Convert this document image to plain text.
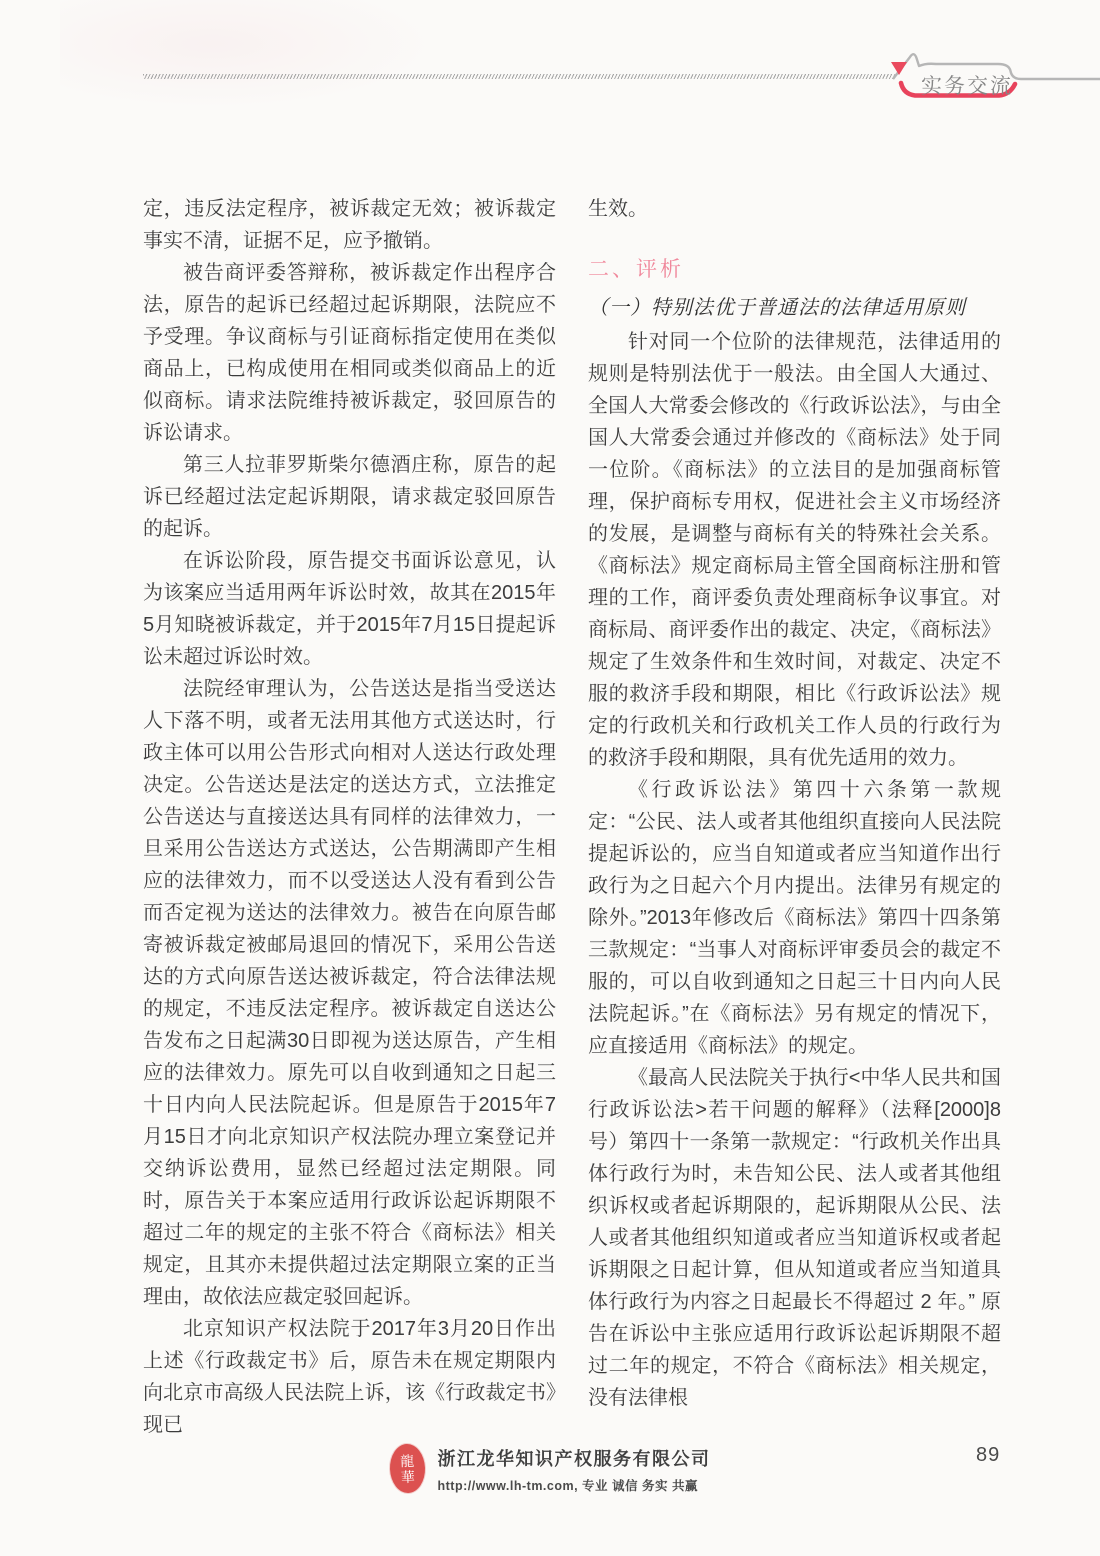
实务交流

定，违反法定程序，被诉裁定无效；被诉裁定事实不清，证据不足，应予撤销。

被告商评委答辩称，被诉裁定作出程序合法，原告的起诉已经超过起诉期限，法院应不予受理。争议商标与引证商标指定使用在类似商品上，已构成使用在相同或类似商品上的近似商标。请求法院维持被诉裁定，驳回原告的诉讼请求。

第三人拉菲罗斯柴尔德酒庄称，原告的起诉已经超过法定起诉期限，请求裁定驳回原告的起诉。

在诉讼阶段，原告提交书面诉讼意见，认为该案应当适用两年诉讼时效，故其在2015年5月知晓被诉裁定，并于2015年7月15日提起诉讼未超过诉讼时效。

法院经审理认为，公告送达是指当受送达人下落不明，或者无法用其他方式送达时，行政主体可以用公告形式向相对人送达行政处理决定。公告送达是法定的送达方式，立法推定公告送达与直接送达具有同样的法律效力，一旦采用公告送达方式送达，公告期满即产生相应的法律效力，而不以受送达人没有看到公告而否定视为送达的法律效力。被告在向原告邮寄被诉裁定被邮局退回的情况下，采用公告送达的方式向原告送达被诉裁定，符合法律法规的规定，不违反法定程序。被诉裁定自送达公告发布之日起满30日即视为送达原告，产生相应的法律效力。原先可以自收到通知之日起三十日内向人民法院起诉。但是原告于2015年7月15日才向北京知识产权法院办理立案登记并交纳诉讼费用，显然已经超过法定期限。同时，原告关于本案应适用行政诉讼起诉期限不超过二年的规定的主张不符合《商标法》相关规定，且其亦未提供超过法定期限立案的正当理由，故依法应裁定驳回起诉。

北京知识产权法院于2017年3月20日作出上述《行政裁定书》后，原告未在规定期限内向北京市高级人民法院上诉，该《行政裁定书》现已

生效。

二、评析

（一）特别法优于普通法的法律适用原则

针对同一个位阶的法律规范，法律适用的规则是特别法优于一般法。由全国人大通过、全国人大常委会修改的《行政诉讼法》，与由全国人大常委会通过并修改的《商标法》处于同一位阶。《商标法》的立法目的是加强商标管理，保护商标专用权，促进社会主义市场经济的发展，是调整与商标有关的特殊社会关系。《商标法》规定商标局主管全国商标注册和管理的工作，商评委负责处理商标争议事宜。对商标局、商评委作出的裁定、决定，《商标法》规定了生效条件和生效时间，对裁定、决定不服的救济手段和期限，相比《行政诉讼法》规定的行政机关和行政机关工作人员的行政行为的救济手段和期限，具有优先适用的效力。

《行政诉讼法》第四十六条第一款规定：“公民、法人或者其他组织直接向人民法院提起诉讼的，应当自知道或者应当知道作出行政行为之日起六个月内提出。法律另有规定的除外。”2013年修改后《商标法》第四十四条第三款规定：“当事人对商标评审委员会的裁定不服的，可以自收到通知之日起三十日内向人民法院起诉。”在《商标法》另有规定的情况下，应直接适用《商标法》的规定。

《最高人民法院关于执行<中华人民共和国行政诉讼法>若干问题的解释》（法释[2000]8号）第四十一条第一款规定：“行政机关作出具体行政行为时，未告知公民、法人或者其他组织诉权或者起诉期限的，起诉期限从公民、法人或者其他组织知道或者应当知道诉权或者起诉期限之日起计算，但从知道或者应当知道具体行政行为内容之日起最长不得超过 2 年。” 原告在诉讼中主张应适用行政诉讼起诉期限不超过二年的规定，不符合《商标法》相关规定，没有法律根

龍
華
浙江龙华知识产权服务有限公司
http://www.lh-tm.com, 专业 诚信 务实 共赢
89
